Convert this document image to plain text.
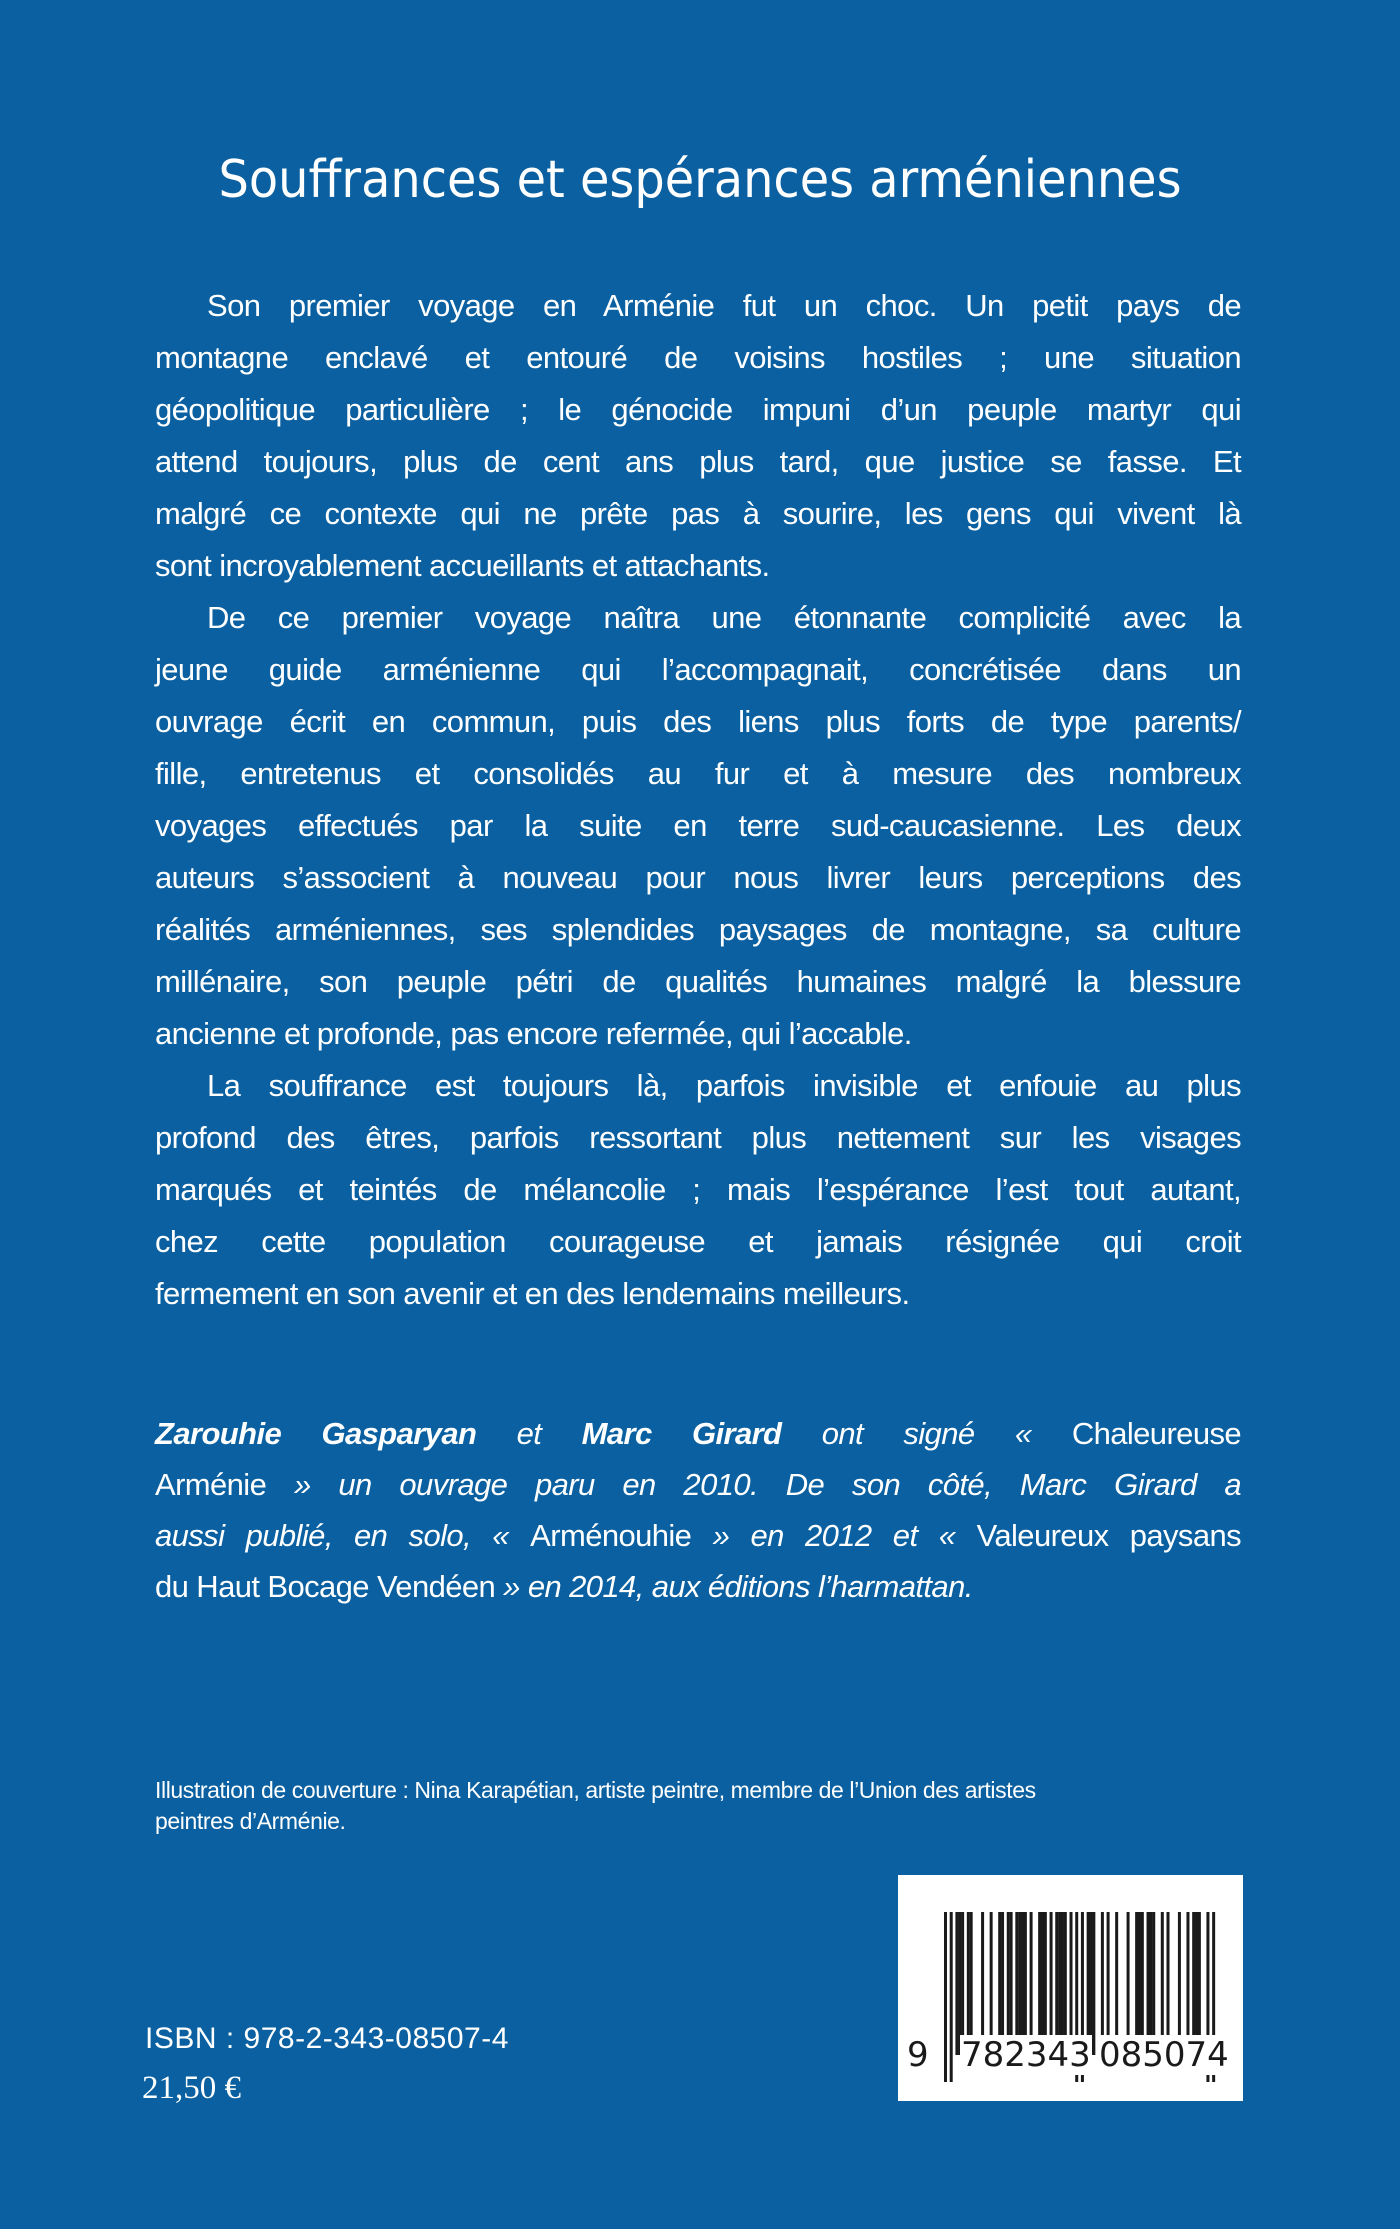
Souffrances et espérances arméniennes
Son premier voyage en Arménie fut un choc. Un petit pays de
montagne enclavé et entouré de voisins hostiles ; une situation
géopolitique particulière ; le génocide impuni d’un peuple martyr qui
attend toujours, plus de cent ans plus tard, que justice se fasse. Et
malgré ce contexte qui ne prête pas à sourire, les gens qui vivent là
sont incroyablement accueillants et attachants.
De ce premier voyage naîtra une étonnante complicité avec la
jeune guide arménienne qui l’accompagnait, concrétisée dans un
ouvrage écrit en commun, puis des liens plus forts de type parents/
fille, entretenus et consolidés au fur et à mesure des nombreux
voyages effectués par la suite en terre sud-caucasienne. Les deux
auteurs s’associent à nouveau pour nous livrer leurs perceptions des
réalités arméniennes, ses splendides paysages de montagne, sa culture
millénaire, son peuple pétri de qualités humaines malgré la blessure
ancienne et profonde, pas encore refermée, qui l’accable.
La souffrance est toujours là, parfois invisible et enfouie au plus
profond des êtres, parfois ressortant plus nettement sur les visages
marqués et teintés de mélancolie ; mais l’espérance l’est tout autant,
chez cette population courageuse et jamais résignée qui croit
fermement en son avenir et en des lendemains meilleurs.
Zarouhie Gasparyan et Marc Girard ont signé « Chaleureuse
Arménie » un ouvrage paru en 2010. De son côté, Marc Girard a
aussi publié, en solo, « Arménouhie » en 2012 et « Valeureux paysans
du Haut Bocage Vendéen » en 2014, aux éditions l’harmattan.
Illustration de couverture : Nina Karapétian, artiste peintre, membre de l’Union des artistes
peintres d’Arménie.
ISBN : 978-2-343-08507-4
21,50 €
9 782343 085074
